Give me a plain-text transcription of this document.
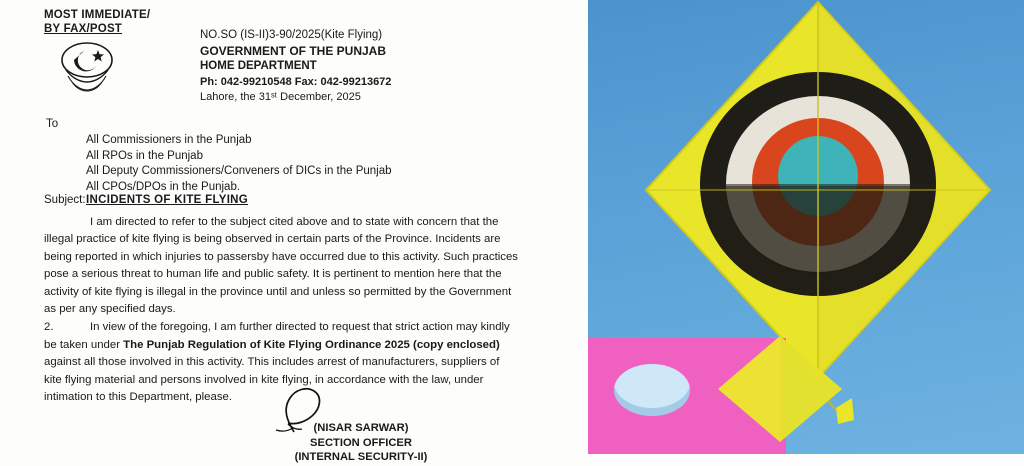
MOST IMMEDIATE/
BY FAX/POST	NO.SO (IS-II)3-90/2025(Kite Flying)
GOVERNMENT OF THE PUNJAB
HOME DEPARTMENT
Ph: 042-99210548 Fax: 042-99213672
Lahore, the 31ˢᵗ December, 2025
To
All Commissioners in the Punjab
All RPOs in the Punjab
All Deputy Commissioners/Conveners of DICs in the Punjab
All CPOs/DPOs in the Punjab.
Subject: INCIDENTS OF KITE FLYING

I am directed to refer to the subject cited above and to state with concern that the illegal practice of kite flying is being observed in certain parts of the Province. Incidents are being reported in which injuries to passersby have occurred due to this activity. Such practices pose a serious threat to human life and public safety. It is pertinent to mention here that the activity of kite flying is illegal in the province until and unless so permitted by the Government as per any specified days.

2.	In view of the foregoing, I am further directed to request that strict action may kindly be taken under The Punjab Regulation of Kite Flying Ordinance 2025 (copy enclosed) against all those involved in this activity. This includes arrest of manufacturers, suppliers of kite flying material and persons involved in kite flying, in accordance with the law, under intimation to this Department, please.

(NISAR SARWAR)
SECTION OFFICER
(INTERNAL SECURITY-II)
